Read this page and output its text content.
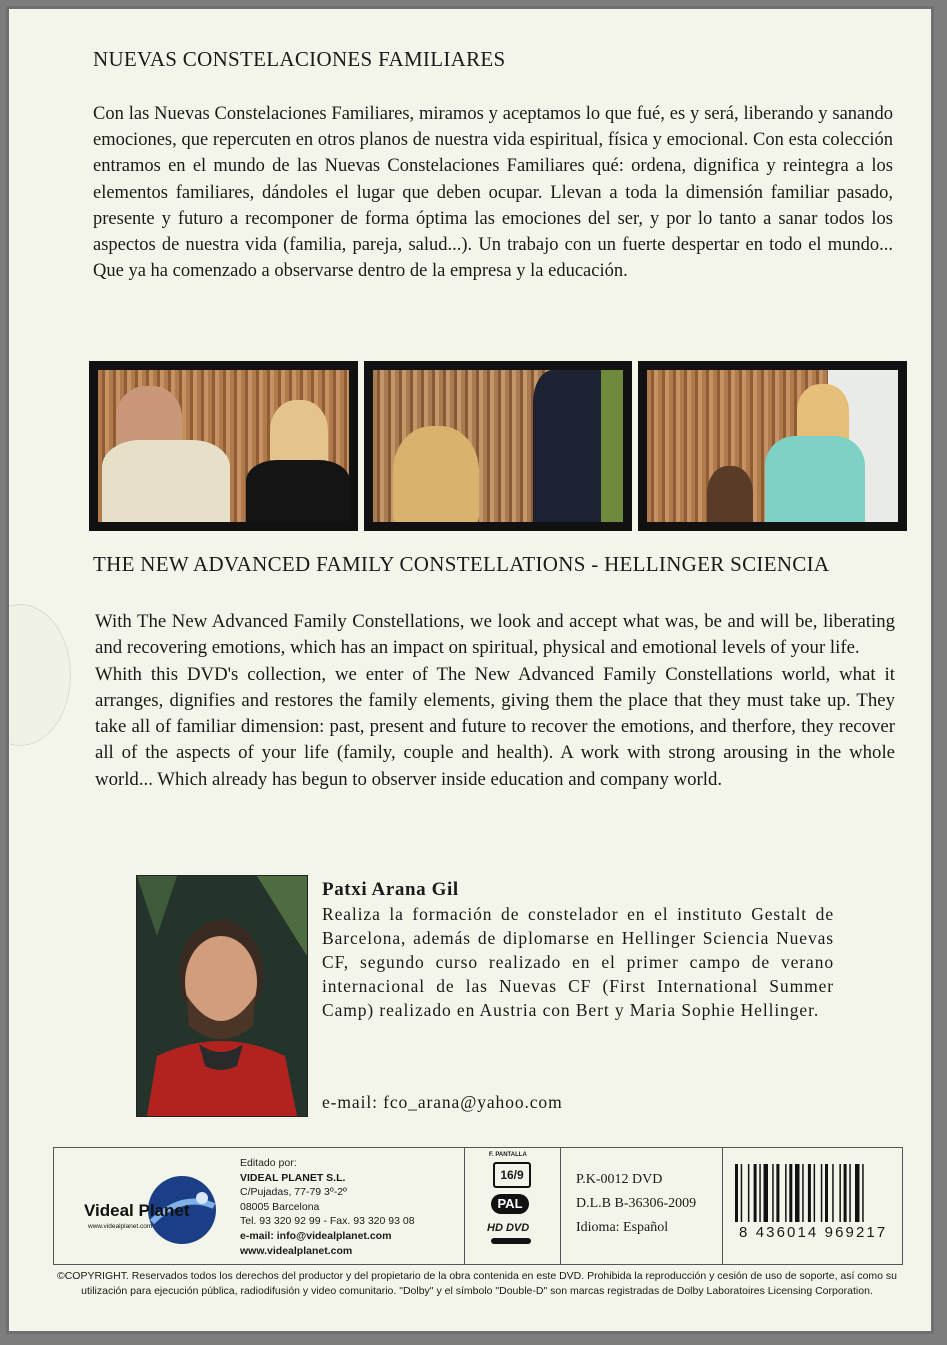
NUEVAS CONSTELACIONES FAMILIARES

Con las Nuevas Constelaciones Familiares, miramos y aceptamos lo que fué, es y será, liberando y sanando emociones, que repercuten en otros planos de nuestra vida espiritual, física y emocional. Con esta colección entramos en el mundo de las Nuevas Constelaciones Familiares qué: ordena, dignifica y reintegra a los elementos familiares, dándoles el lugar que deben ocupar. Llevan a toda la dimensión familiar pasado, presente y futuro a recomponer de forma óptima las emociones del ser, y por lo tanto a sanar todos los aspectos de nuestra vida (familia, pareja, salud...). Un trabajo con un fuerte despertar en todo el mundo... Que ya ha comenzado a observarse dentro de la empresa y la educación.

THE NEW ADVANCED FAMILY CONSTELLATIONS - HELLINGER SCIENCIA

With The New Advanced Family Constellations, we look and accept what was, be and will be, liberating and recovering emotions, which has an impact on spiritual, physical and emotional levels of your life.

Whith this DVD's collection, we enter of The New Advanced Family Constellations world, what it arranges, dignifies and restores the family elements, giving them the place that they must take up. They take all of familiar dimension: past, present and future to recover the emotions, and therfore, they recover all of the aspects of your life (family, couple and health). A work with strong arousing in the whole world... Which already has begun to observer inside education and company world.

Patxi Arana Gil

Realiza la formación de constelador en el instituto Gestalt de Barcelona, además de diplomarse en Hellinger Sciencia Nuevas CF, segundo curso realizado en el primer campo de verano internacional de las Nuevas CF (First International Summer Camp) realizado en Austria con Bert y Maria Sophie Hellinger.

e-mail: fco_arana@yahoo.com

Videal Planet
www.videalplanet.com
Editado por:
VIDEAL PLANET S.L.
C/Pujadas, 77-79 3º-2º
08005 Barcelona
Tel. 93 320 92 99 - Fax. 93 320 93 08
e-mail: info@videalplanet.com
www.videalplanet.com
F. PANTALLA
16/9
PAL
HD DVD
P.K-0012 DVD
D.L.B B-36306-2009
Idioma: Español	8 436014 969217

©COPYRIGHT. Reservados todos los derechos del productor y del propietario de la obra contenida en este DVD. Prohibida la reproducción y cesión de uso de soporte, así como su utilización para ejecución pública, radiodifusión y video comunitario. "Dolby" y el símbolo "Double-D" son marcas registradas de Dolby Laboratoires Licensing Corporation.
